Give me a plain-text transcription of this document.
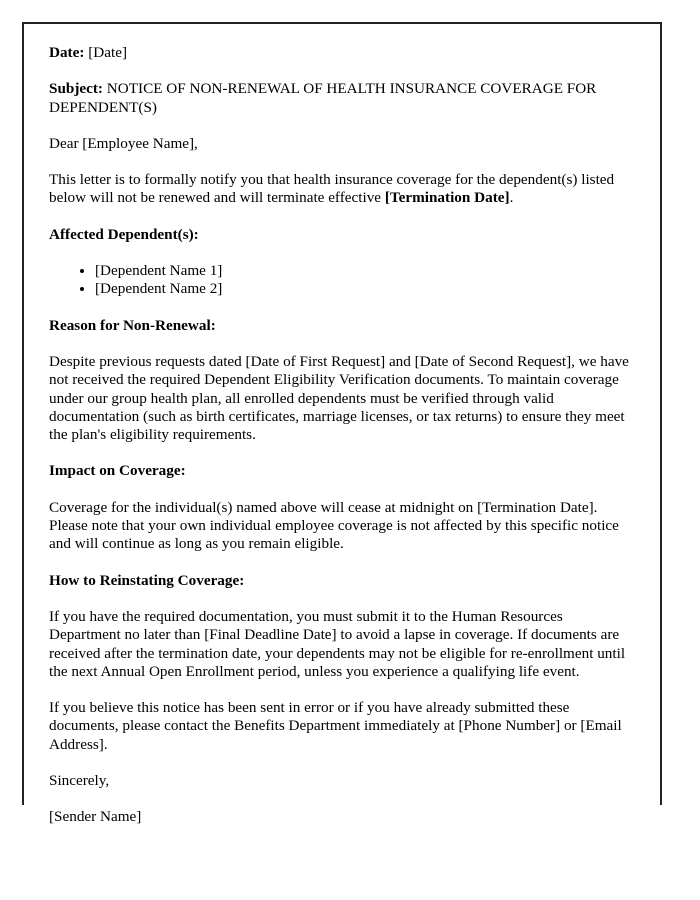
Date: [Date]

Subject: NOTICE OF NON-RENEWAL OF HEALTH INSURANCE COVERAGE FOR DEPENDENT(S)

Dear [Employee Name],

This letter is to formally notify you that health insurance coverage for the dependent(s) listed below will not be renewed and will terminate effective [Termination Date].

Affected Dependent(s):

• [Dependent Name 1]
• [Dependent Name 2]

Reason for Non-Renewal:

Despite previous requests dated [Date of First Request] and [Date of Second Request], we have not received the required Dependent Eligibility Verification documents. To maintain coverage under our group health plan, all enrolled dependents must be verified through valid documentation (such as birth certificates, marriage licenses, or tax returns) to ensure they meet the plan's eligibility requirements.

Impact on Coverage:

Coverage for the individual(s) named above will cease at midnight on [Termination Date]. Please note that your own individual employee coverage is not affected by this specific notice and will continue as long as you remain eligible.

How to Reinstating Coverage:

If you have the required documentation, you must submit it to the Human Resources Department no later than [Final Deadline Date] to avoid a lapse in coverage. If documents are received after the termination date, your dependents may not be eligible for re-enrollment until the next Annual Open Enrollment period, unless you experience a qualifying life event.

If you believe this notice has been sent in error or if you have already submitted these documents, please contact the Benefits Department immediately at [Phone Number] or [Email Address].

Sincerely,

[Sender Name]
